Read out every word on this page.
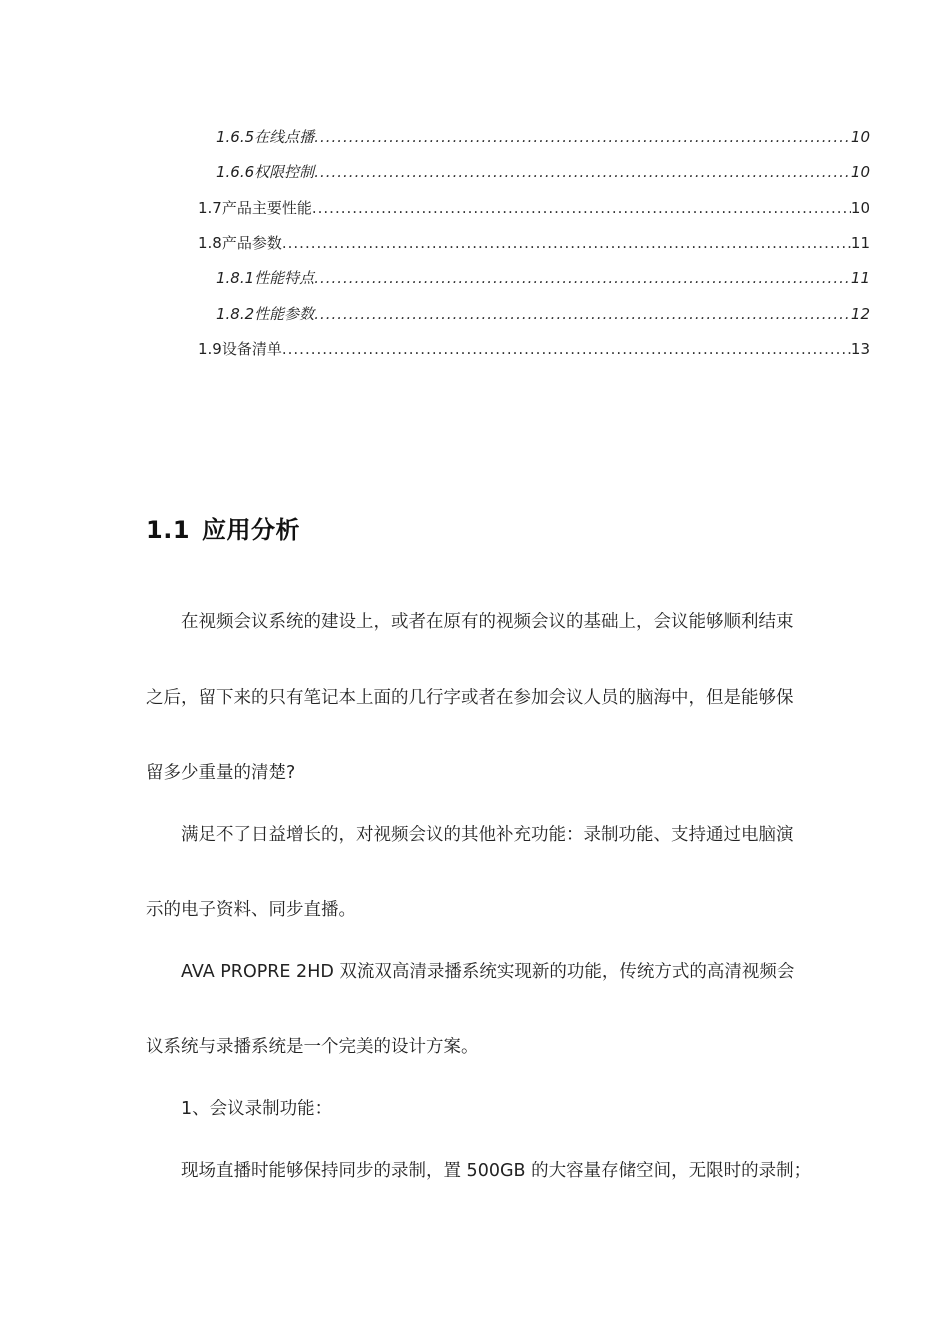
1.6.5 在线点播 .....	10
1.6.6 权限控制 .....	10
1.7 产品主要性能 .....	10
1.8 产品参数 .....	11
1.8.1 性能特点 .....	11
1.8.2 性能参数 .....	12
1.9 设备清单 .....	13
1.1 应用分析
　　在视频会议系统的建设上，或者在原有的视频会议的基础上，会议能够顺利结束
之后，留下来的只有笔记本上面的几行字或者在参加会议人员的脑海中，但是能够保
留多少重量的清楚?
　　满足不了日益增长的，对视频会议的其他补充功能：录制功能、支持通过电脑演
示的电子资料、同步直播。
　　AVA PROPRE 2HD 双流双高清录播系统实现新的功能，传统方式的高清视频会
议系统与录播系统是一个完美的设计方案。
　　1、会议录制功能：
　　现场直播时能够保持同步的录制，置 500GB 的大容量存储空间，无限时的录制；
